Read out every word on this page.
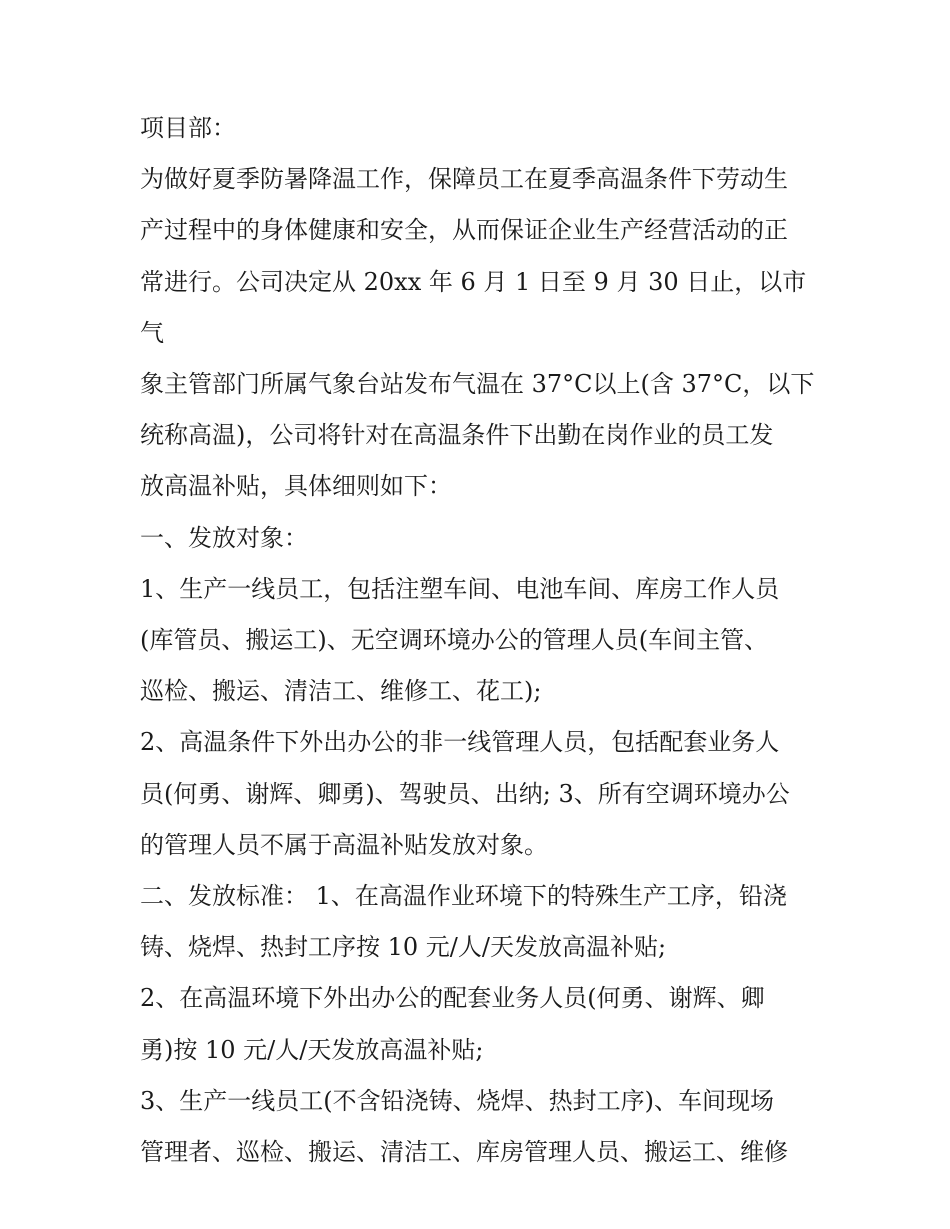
项目部：

为做好夏季防暑降温工作，保障员工在夏季高温条件下劳动生
产过程中的身体健康和安全，从而保证企业生产经营活动的正
常进行。公司决定从 20xx 年 6 月 1 日至 9 月 30 日止，以市气
象主管部门所属气象台站发布气温在 37°C以上(含 37°C，以下
统称高温)，公司将针对在高温条件下出勤在岗作业的员工发
放高温补贴，具体细则如下：

一、发放对象：

1、生产一线员工，包括注塑车间、电池车间、库房工作人员
(库管员、搬运工)、无空调环境办公的管理人员(车间主管、
巡检、搬运、清洁工、维修工、花工);

2、高温条件下外出办公的非一线管理人员，包括配套业务人
员(何勇、谢辉、卿勇)、驾驶员、出纳; 3、所有空调环境办公
的管理人员不属于高温补贴发放对象。

二、发放标准： 1、在高温作业环境下的特殊生产工序，铅浇
铸、烧焊、热封工序按 10 元/人/天发放高温补贴;

2、在高温环境下外出办公的配套业务人员(何勇、谢辉、卿
勇)按 10 元/人/天发放高温补贴;

3、生产一线员工(不含铅浇铸、烧焊、热封工序)、车间现场
管理者、巡检、搬运、清洁工、库房管理人员、搬运工、维修
